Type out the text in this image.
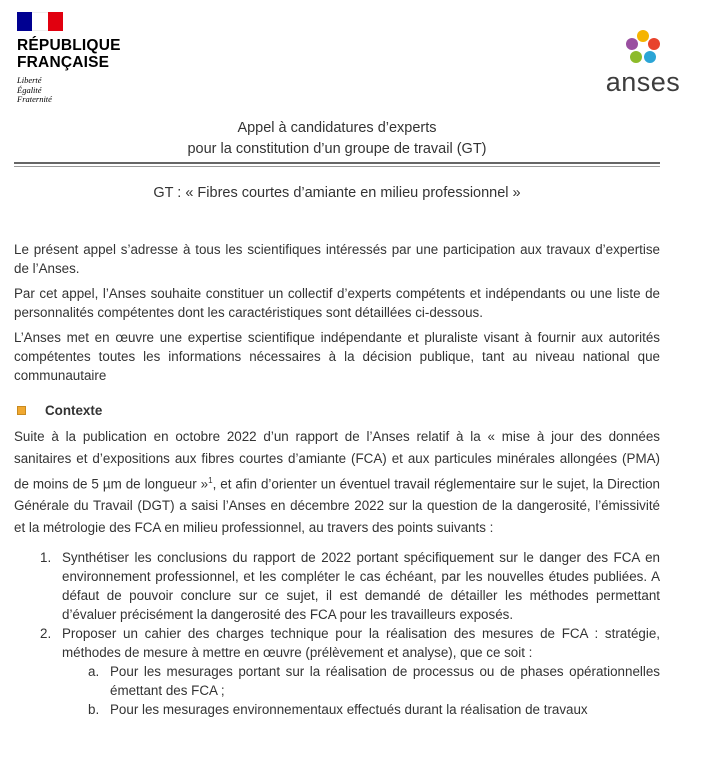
RÉPUBLIQUE
FRANÇAISE
Liberté
Égalité
Fraternité
anses
Appel à candidatures d’experts
pour la constitution d’un groupe de travail (GT)
GT : « Fibres courtes d’amiante en milieu professionnel »

Le présent appel s’adresse à tous les scientifiques intéressés par une participation aux travaux d’expertise de l’Anses.

Par cet appel, l’Anses souhaite constituer un collectif d’experts compétents et indépendants ou une liste de personnalités compétentes dont les caractéristiques sont détaillées ci-dessous.

L’Anses met en œuvre une expertise scientifique indépendante et pluraliste visant à fournir aux autorités compétentes toutes les informations nécessaires à la décision publique, tant au niveau national que communautaire

Contexte

Suite à la publication en octobre 2022 d’un rapport de l’Anses relatif à la « mise à jour des données sanitaires et d’expositions aux fibres courtes d’amiante (FCA) et aux particules minérales allongées (PMA) de moins de 5 µm de longueur »$^1$, et afin d’orienter un éventuel travail réglementaire sur le sujet, la Direction Générale du Travail (DGT) a saisi l’Anses en décembre 2022 sur la question de la dangerosité, l’émissivité et la métrologie des FCA en milieu professionnel, au travers des points suivants :

1. Synthétiser les conclusions du rapport de 2022 portant spécifiquement sur le danger des FCA en environnement professionnel, et les compléter le cas échéant, par les nouvelles études publiées. A défaut de pouvoir conclure sur ce sujet, il est demandé de détailler les méthodes permettant d’évaluer précisément la dangerosité des FCA pour les travailleurs exposés.
2. Proposer un cahier des charges technique pour la réalisation des mesures de FCA : stratégie, méthodes de mesure à mettre en œuvre (prélèvement et analyse), que ce soit :
a. Pour les mesurages portant sur la réalisation de processus ou de phases opérationnelles émettant des FCA ;
b. Pour les mesurages environnementaux effectués durant la réalisation de travaux
